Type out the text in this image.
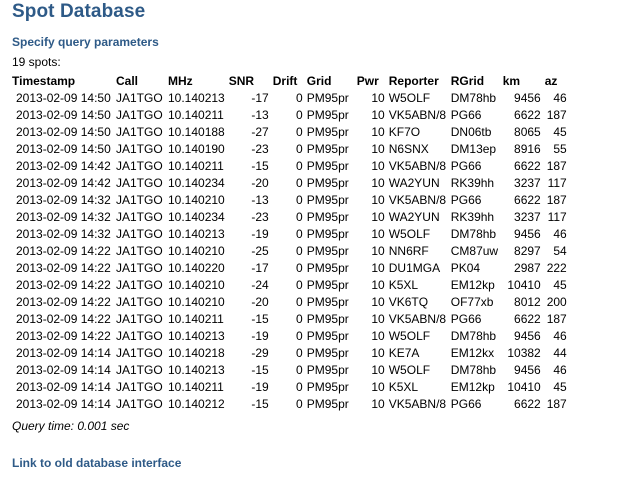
Spot Database
Specify query parameters
19 spots:
Timestamp	Call	MHz	SNR	Drift	Grid	Pwr	Reporter	RGrid	km	az
2013-02-09 14:50	JA1TGO	10.140213	-17	0	PM95pr	10	W5OLF	DM78hb	9456	46
2013-02-09 14:50	JA1TGO	10.140211	-13	0	PM95pr	10	VK5ABN/8	PG66	6622	187
2013-02-09 14:50	JA1TGO	10.140188	-27	0	PM95pr	10	KF7O	DN06tb	8065	45
2013-02-09 14:50	JA1TGO	10.140190	-23	0	PM95pr	10	N6SNX	DM13ep	8916	55
2013-02-09 14:42	JA1TGO	10.140211	-15	0	PM95pr	10	VK5ABN/8	PG66	6622	187
2013-02-09 14:42	JA1TGO	10.140234	-20	0	PM95pr	10	WA2YUN	RK39hh	3237	117
2013-02-09 14:32	JA1TGO	10.140210	-13	0	PM95pr	10	VK5ABN/8	PG66	6622	187
2013-02-09 14:32	JA1TGO	10.140234	-23	0	PM95pr	10	WA2YUN	RK39hh	3237	117
2013-02-09 14:32	JA1TGO	10.140213	-19	0	PM95pr	10	W5OLF	DM78hb	9456	46
2013-02-09 14:22	JA1TGO	10.140210	-25	0	PM95pr	10	NN6RF	CM87uw	8297	54
2013-02-09 14:22	JA1TGO	10.140220	-17	0	PM95pr	10	DU1MGA	PK04	2987	222
2013-02-09 14:22	JA1TGO	10.140210	-24	0	PM95pr	10	K5XL	EM12kp	10410	45
2013-02-09 14:22	JA1TGO	10.140210	-20	0	PM95pr	10	VK6TQ	OF77xb	8012	200
2013-02-09 14:22	JA1TGO	10.140211	-15	0	PM95pr	10	VK5ABN/8	PG66	6622	187
2013-02-09 14:22	JA1TGO	10.140213	-19	0	PM95pr	10	W5OLF	DM78hb	9456	46
2013-02-09 14:14	JA1TGO	10.140218	-29	0	PM95pr	10	KE7A	EM12kx	10382	44
2013-02-09 14:14	JA1TGO	10.140213	-15	0	PM95pr	10	W5OLF	DM78hb	9456	46
2013-02-09 14:14	JA1TGO	10.140211	-19	0	PM95pr	10	K5XL	EM12kp	10410	45
2013-02-09 14:14	JA1TGO	10.140212	-15	0	PM95pr	10	VK5ABN/8	PG66	6622	187
Query time: 0.001 sec
Link to old database interface
